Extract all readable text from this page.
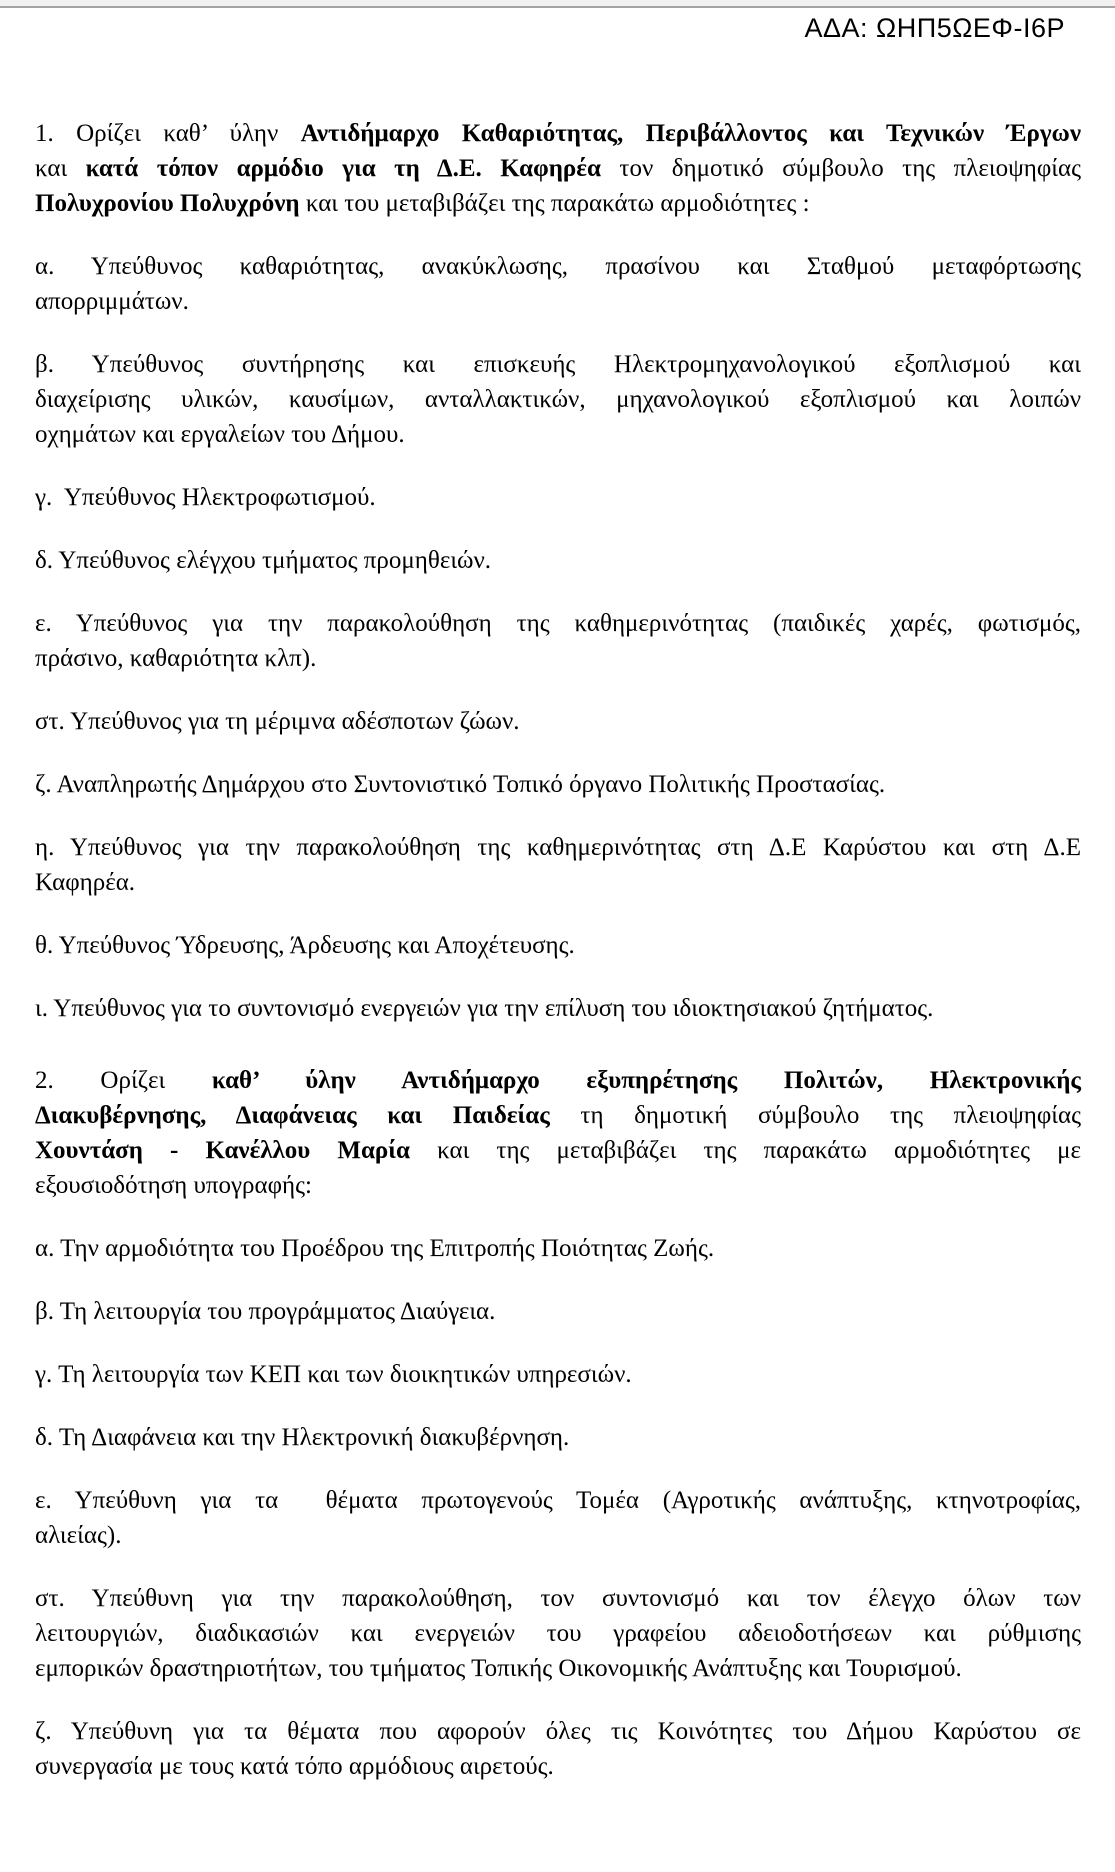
ΑΔΑ: ΩΗΠ5ΩΕΦ-Ι6Ρ
1. Ορίζει καθ’ ύλην Αντιδήμαρχο Καθαριότητας, Περιβάλλοντος και Τεχνικών Έργων
και κατά τόπον αρμόδιο για τη Δ.Ε. Καφηρέα τον δημοτικό σύμβουλο της πλειοψηφίας
Πολυχρονίου Πολυχρόνη και του μεταβιβάζει της παρακάτω αρμοδιότητες :
α. Υπεύθυνος καθαριότητας, ανακύκλωσης, πρασίνου και Σταθμού μεταφόρτωσης
απορριμμάτων.
β. Υπεύθυνος συντήρησης και επισκευής Ηλεκτρομηχανολογικού εξοπλισμού και
διαχείρισης υλικών, καυσίμων, ανταλλακτικών, μηχανολογικού εξοπλισμού και λοιπών
οχημάτων και εργαλείων του Δήμου.
γ.  Υπεύθυνος Ηλεκτροφωτισμού.
δ. Υπεύθυνος ελέγχου τμήματος προμηθειών.
ε. Υπεύθυνος για την παρακολούθηση της καθημερινότητας (παιδικές χαρές, φωτισμός,
πράσινο, καθαριότητα κλπ).
στ. Υπεύθυνος για τη μέριμνα αδέσποτων ζώων.
ζ. Αναπληρωτής Δημάρχου στο Συντονιστικό Τοπικό όργανο Πολιτικής Προστασίας.
η. Υπεύθυνος για την παρακολούθηση της καθημερινότητας στη Δ.Ε Καρύστου και στη Δ.Ε
Καφηρέα.
θ. Υπεύθυνος Ύδρευσης, Άρδευσης και Αποχέτευσης.
ι. Υπεύθυνος για το συντονισμό ενεργειών για την επίλυση του ιδιοκτησιακού ζητήματος.
2. Ορίζει καθ’ ύλην Αντιδήμαρχο εξυπηρέτησης Πολιτών, Ηλεκτρονικής
Διακυβέρνησης, Διαφάνειας και Παιδείας τη δημοτική σύμβουλο της πλειοψηφίας
Χουντάση - Κανέλλου Μαρία και της μεταβιβάζει της παρακάτω αρμοδιότητες με
εξουσιοδότηση υπογραφής:
α. Την αρμοδιότητα του Προέδρου της Επιτροπής Ποιότητας Ζωής.
β. Τη λειτουργία του προγράμματος Διαύγεια.
γ. Τη λειτουργία των ΚΕΠ και των διοικητικών υπηρεσιών.
δ. Τη Διαφάνεια και την Ηλεκτρονική διακυβέρνηση.
ε. Υπεύθυνη για τα  θέματα πρωτογενούς Τομέα (Αγροτικής ανάπτυξης, κτηνοτροφίας,
αλιείας).
στ. Υπεύθυνη για την παρακολούθηση, τον συντονισμό και τον έλεγχο όλων των
λειτουργιών, διαδικασιών και ενεργειών του γραφείου αδειοδοτήσεων και ρύθμισης
εμπορικών δραστηριοτήτων, του τμήματος Τοπικής Οικονομικής Ανάπτυξης και Τουρισμού.
ζ. Υπεύθυνη για τα θέματα που αφορούν όλες τις Κοινότητες του Δήμου Καρύστου σε
συνεργασία με τους κατά τόπο αρμόδιους αιρετούς.
